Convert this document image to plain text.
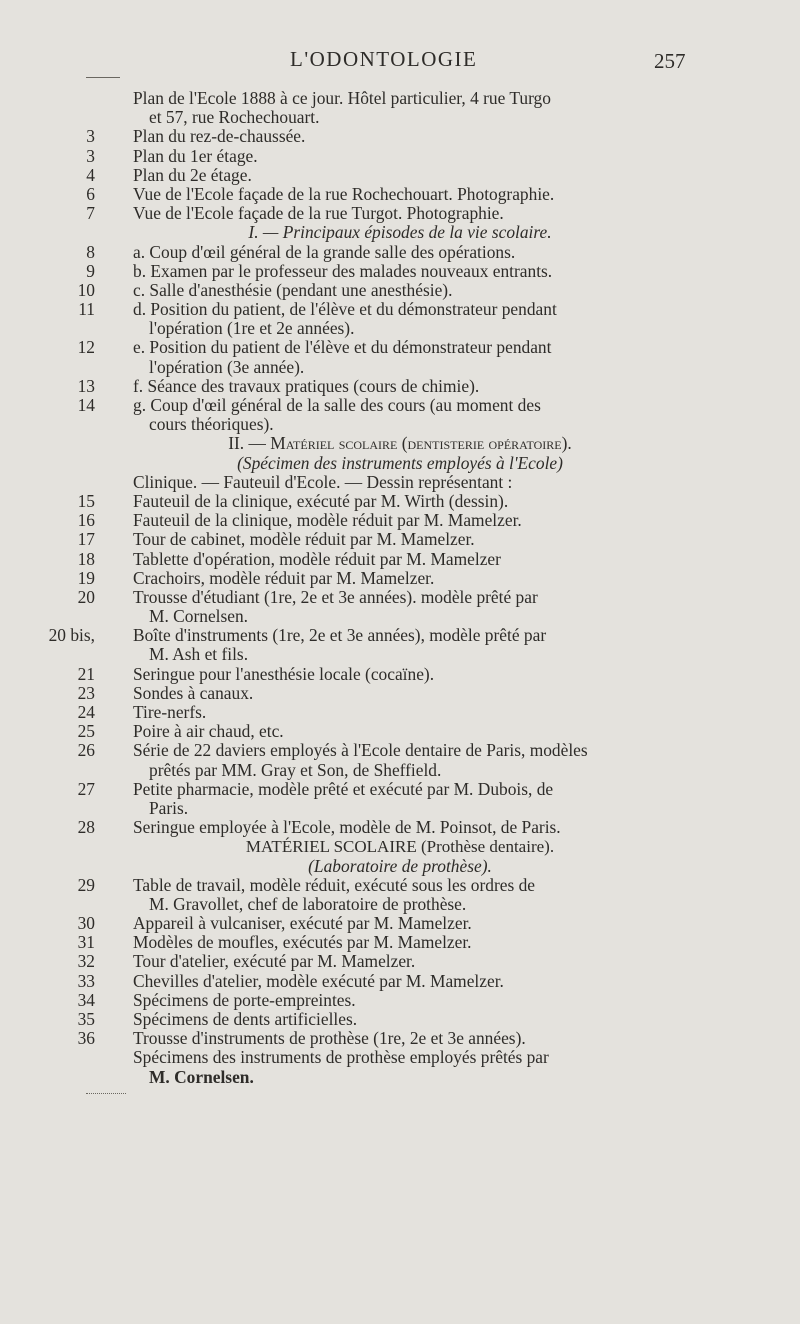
L'ODONTOLOGIE	257
Plan de l'Ecole 1888 à ce jour. Hôtel particulier, 4 rue Turgo
et 57, rue Rochechouart.
3 Plan du rez-de-chaussée.
3 Plan du 1er étage.
4 Plan du 2e étage.
6 Vue de l'Ecole façade de la rue Rochechouart. Photographie.
7 Vue de l'Ecole façade de la rue Turgot. Photographie.
I. — Principaux épisodes de la vie scolaire.
8 a. Coup d'œil général de la grande salle des opérations.
9 b. Examen par le professeur des malades nouveaux entrants.
10 c. Salle d'anesthésie (pendant une anesthésie).
11 d. Position du patient, de l'élève et du démonstrateur pendant
l'opération (1re et 2e années).
12 e. Position du patient de l'élève et du démonstrateur pendant
l'opération (3e année).
13 f. Séance des travaux pratiques (cours de chimie).
14 g. Coup d'œil général de la salle des cours (au moment des
cours théoriques).
II. — Matériel scolaire (dentisterie opératoire).
(Spécimen des instruments employés à l'Ecole)
Clinique. — Fauteuil d'Ecole. — Dessin représentant :
15 Fauteuil de la clinique, exécuté par M. Wirth (dessin).
16 Fauteuil de la clinique, modèle réduit par M. Mamelzer.
17 Tour de cabinet, modèle réduit par M. Mamelzer.
18 Tablette d'opération, modèle réduit par M. Mamelzer
19 Crachoirs, modèle réduit par M. Mamelzer.
20 Trousse d'étudiant (1re, 2e et 3e années). modèle prêté par
M. Cornelsen.
20 bis, Boîte d'instruments (1re, 2e et 3e années), modèle prêté par
M. Ash et fils.
21 Seringue pour l'anesthésie locale (cocaïne).
23 Sondes à canaux.
24 Tire-nerfs.
25 Poire à air chaud, etc.
26 Série de 22 daviers employés à l'Ecole dentaire de Paris, modèles
prêtés par MM. Gray et Son, de Sheffield.
27 Petite pharmacie, modèle prêté et exécuté par M. Dubois, de
Paris.
28 Seringue employée à l'Ecole, modèle de M. Poinsot, de Paris.
MATÉRIEL SCOLAIRE (Prothèse dentaire).
(Laboratoire de prothèse).
29 Table de travail, modèle réduit, exécuté sous les ordres de
M. Gravollet, chef de laboratoire de prothèse.
30 Appareil à vulcaniser, exécuté par M. Mamelzer.
31 Modèles de moufles, exécutés par M. Mamelzer.
32 Tour d'atelier, exécuté par M. Mamelzer.
33 Chevilles d'atelier, modèle exécuté par M. Mamelzer.
34 Spécimens de porte-empreintes.
35 Spécimens de dents artificielles.
36 Trousse d'instruments de prothèse (1re, 2e et 3e années).
Spécimens des instruments de prothèse employés prêtés par
M. Cornelsen.
